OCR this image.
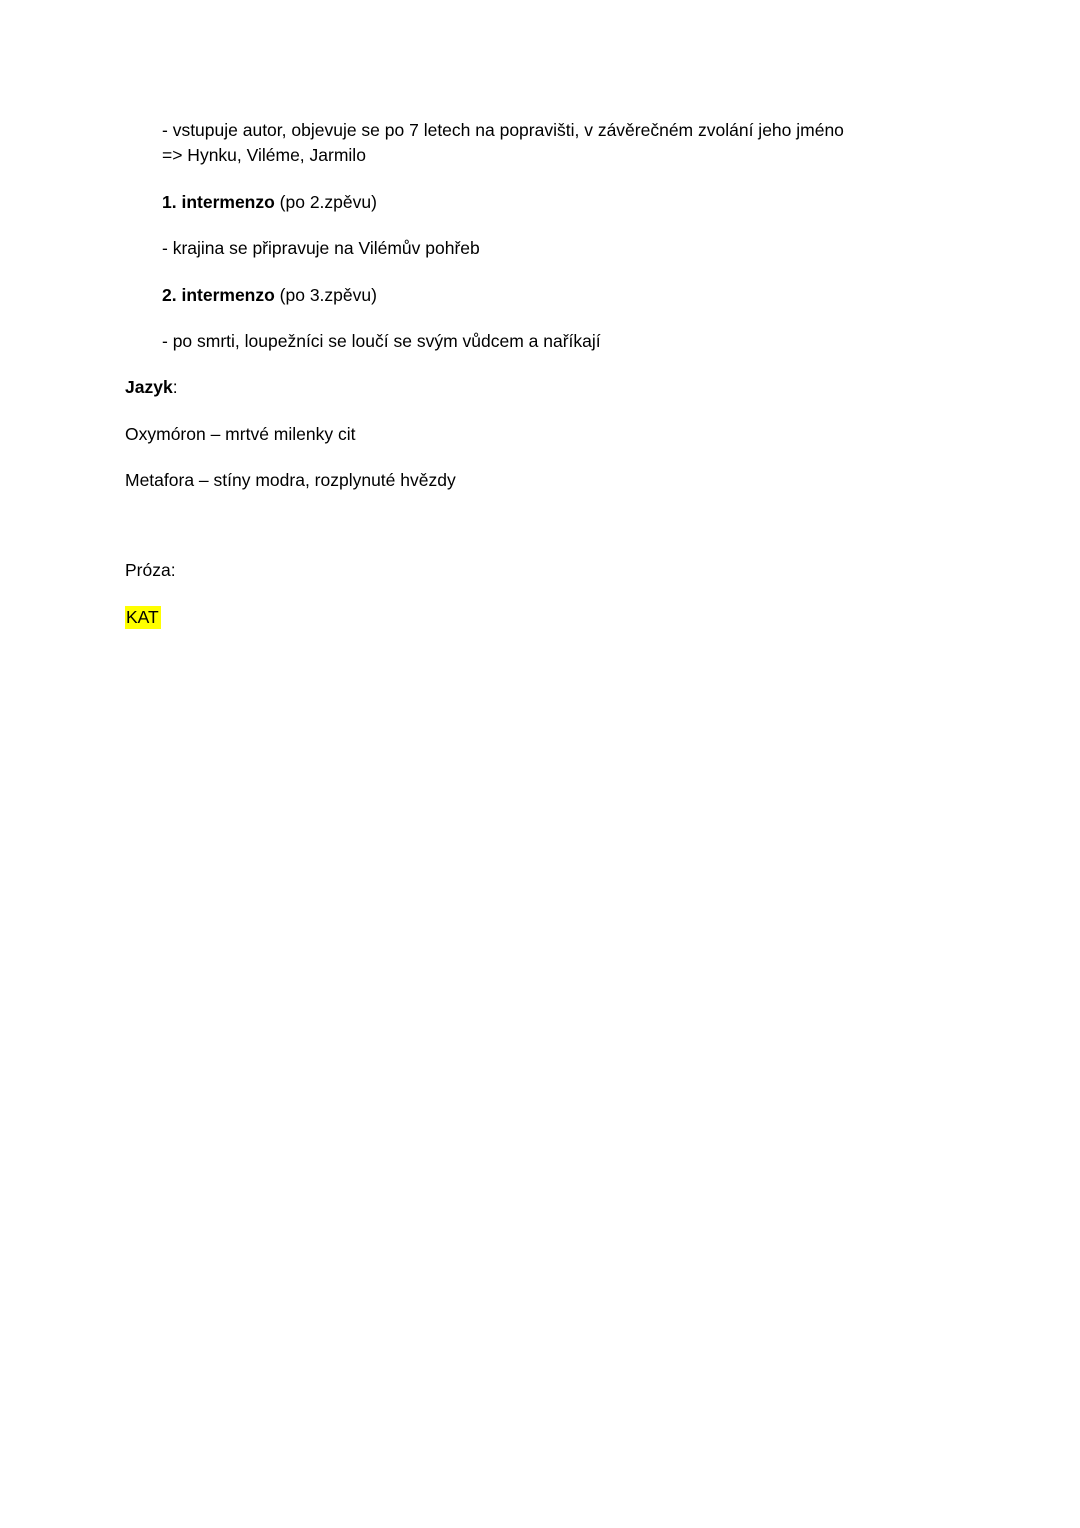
- vstupuje autor, objevuje se po 7 letech na popravišti, v závěrečném zvolání jeho jméno
=> Hynku, Viléme, Jarmilo

1. intermenzo (po 2.zpěvu)

- krajina se připravuje na Vilémův pohřeb

2. intermenzo (po 3.zpěvu)

- po smrti, loupežníci se loučí se svým vůdcem a naříkají

Jazyk:

Oxymóron – mrtvé milenky cit

Metafora – stíny modra, rozplynuté hvězdy

Próza:

KAT
